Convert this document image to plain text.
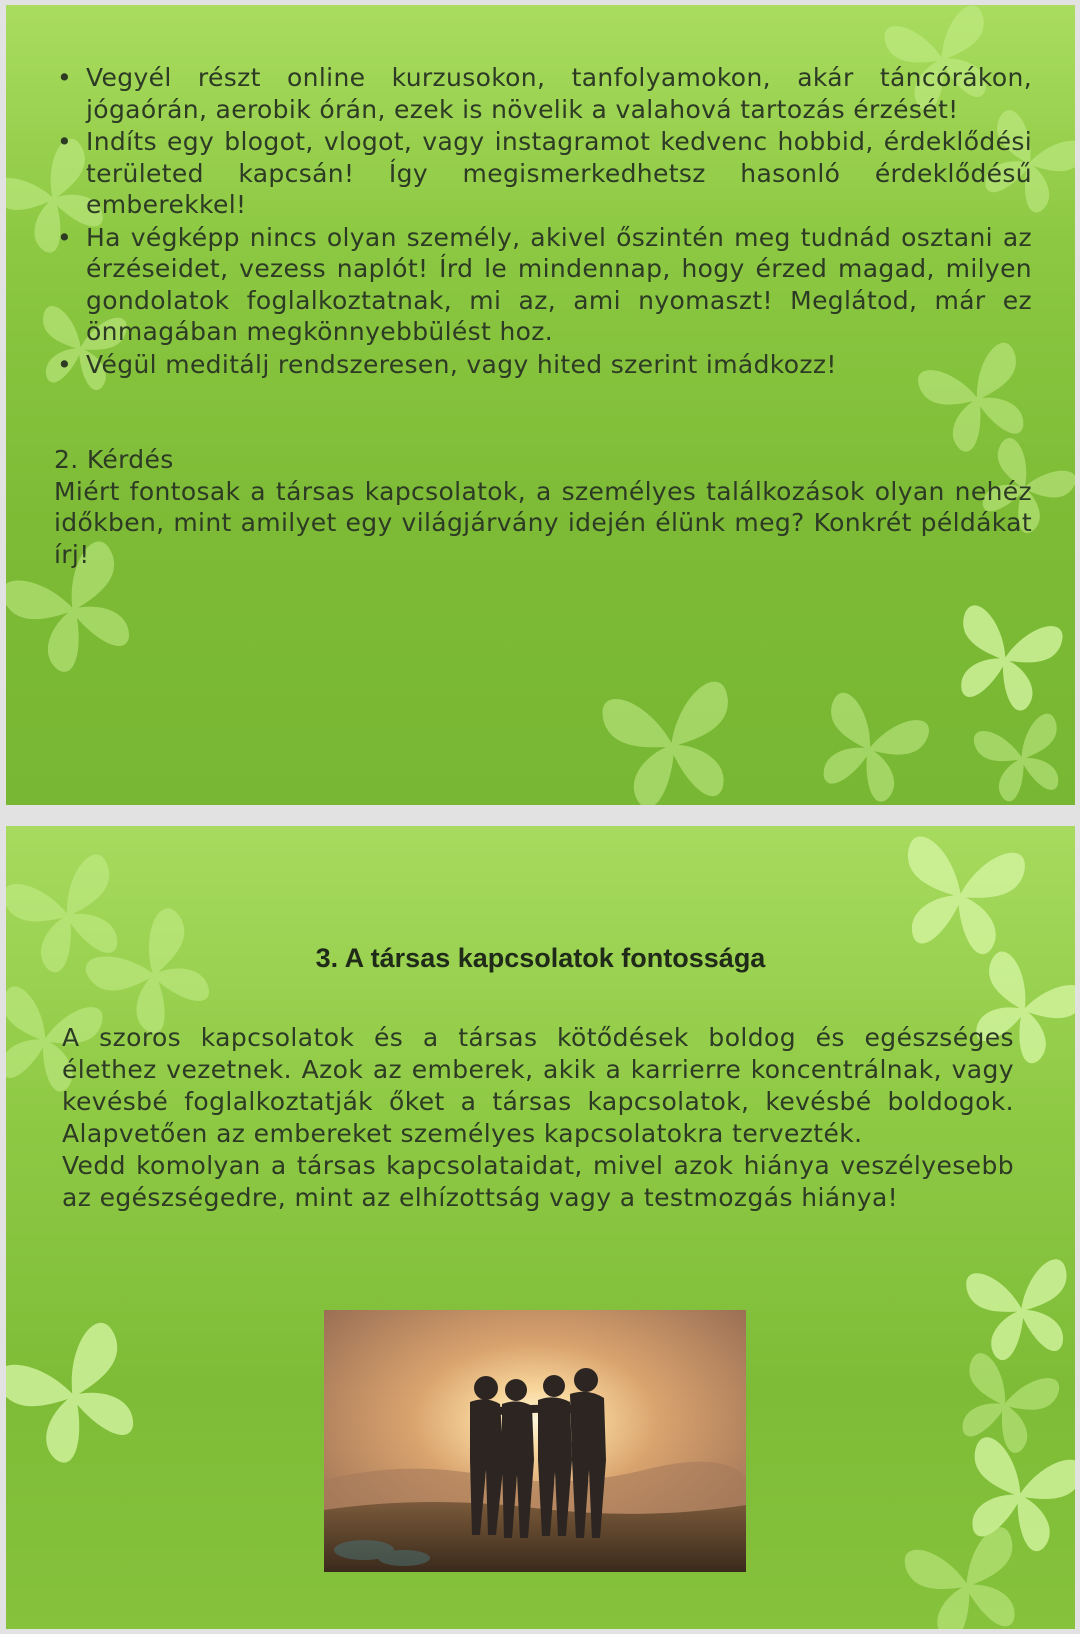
• Vegyél részt online kurzusokon, tanfolyamokon, akár táncórákon, jógaórán, aerobik órán, ezek is növelik a valahová tartozás érzését!
• Indíts egy blogot, vlogot, vagy instagramot kedvenc hobbid, érdeklődési területed kapcsán! Így megismerkedhetsz hasonló érdeklődésű emberekkel!
• Ha végképp nincs olyan személy, akivel őszintén meg tudnád osztani az érzéseidet, vezess naplót! Írd le mindennap, hogy érzed magad, milyen gondolatok foglalkoztatnak, mi az, ami nyomaszt! Meglátod, már ez önmagában megkönnyebbülést hoz.
• Végül meditálj rendszeresen, vagy hited szerint imádkozz!
2. Kérdés
Miért fontosak a társas kapcsolatok, a személyes találkozások olyan nehéz időkben, mint amilyet egy világjárvány idején élünk meg? Konkrét példákat írj!
3. A társas kapcsolatok fontossága
A szoros kapcsolatok és a társas kötődések boldog és egészséges élethez vezetnek. Azok az emberek, akik a karrierre koncentrálnak, vagy kevésbé foglalkoztatják őket a társas kapcsolatok, kevésbé boldogok. Alapvetően az embereket személyes kapcsolatokra tervezték.
Vedd komolyan a társas kapcsolataidat, mivel azok hiánya veszélyesebb az egészségedre, mint az elhízottság vagy a testmozgás hiánya!
